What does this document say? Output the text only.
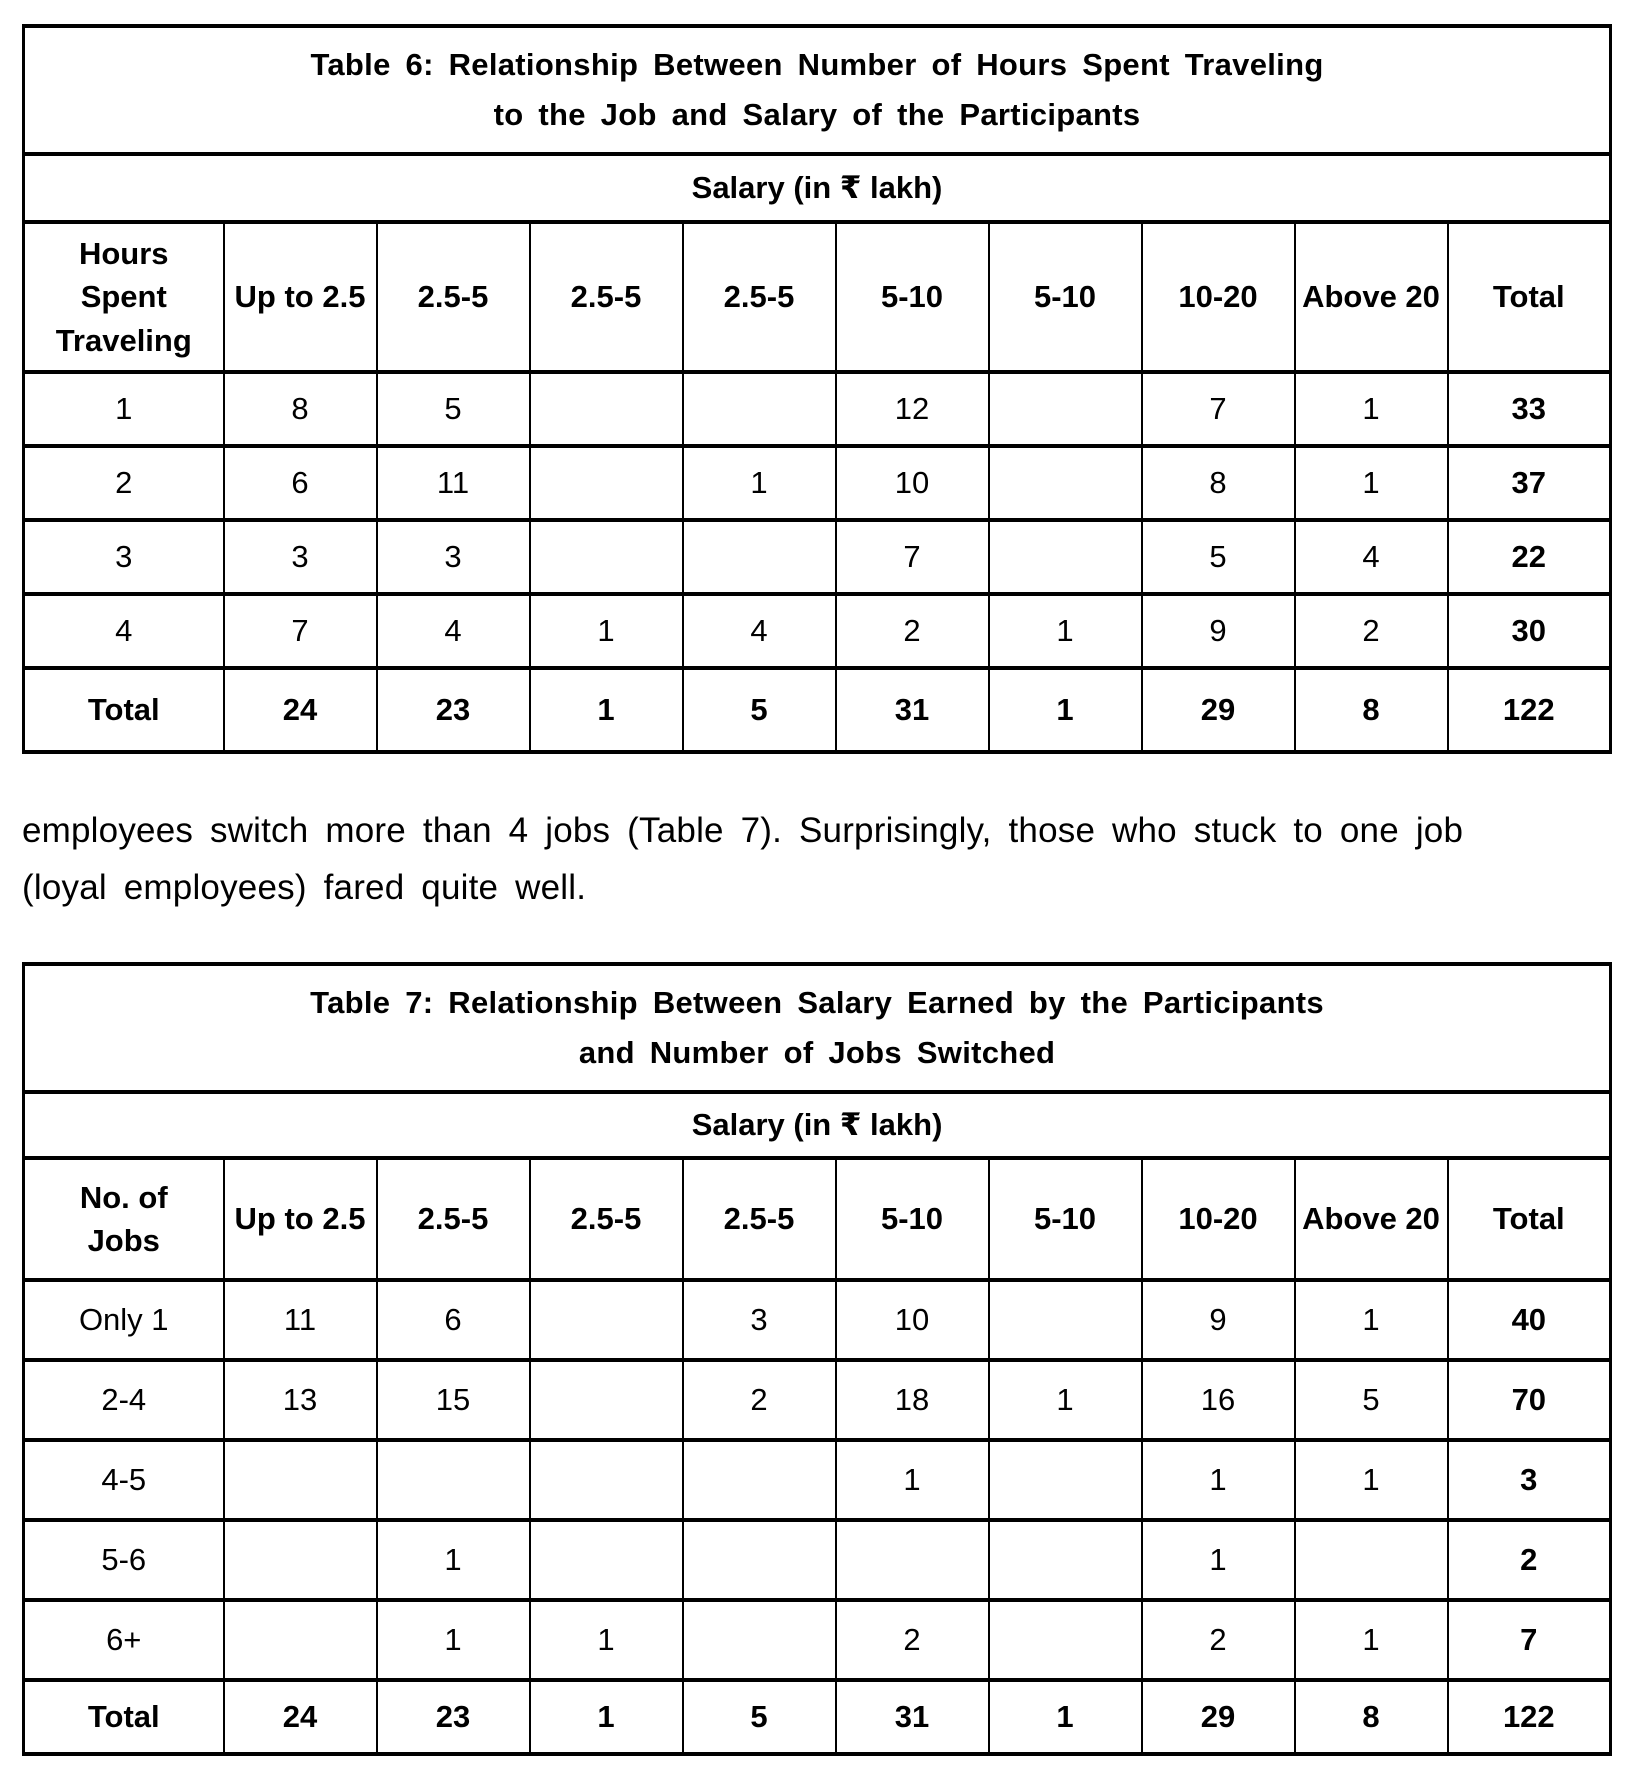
Table 6: Relationship Between Number of Hours Spent Traveling
to the Job and Salary of the Participants									

Salary (in ₹ lakh)									
Hours Spent Traveling	Up to 2.5	2.5-5	2.5-5	2.5-5	5-10	5-10	10-20	Above 20	Total
1	8	5			12		7	1	33
2	6	11		1	10		8	1	37
3	3	3			7		5	4	22
4	7	4	1	4	2	1	9	2	30
Total	24	23	1	5	31	1	29	8	122
employees switch more than 4 jobs (Table 7). Surprisingly, those who stuck to one job
(loyal employees) fared quite well.
Table 7: Relationship Between Salary Earned by the Participants
and Number of Jobs Switched									

Salary (in ₹ lakh)									
No. of Jobs	Up to 2.5	2.5-5	2.5-5	2.5-5	5-10	5-10	10-20	Above 20	Total
Only 1	11	6		3	10		9	1	40
2-4	13	15		2	18	1	16	5	70
4-5					1		1	1	3
5-6		1					1		2
6+		1	1		2		2	1	7
Total	24	23	1	5	31	1	29	8	122
